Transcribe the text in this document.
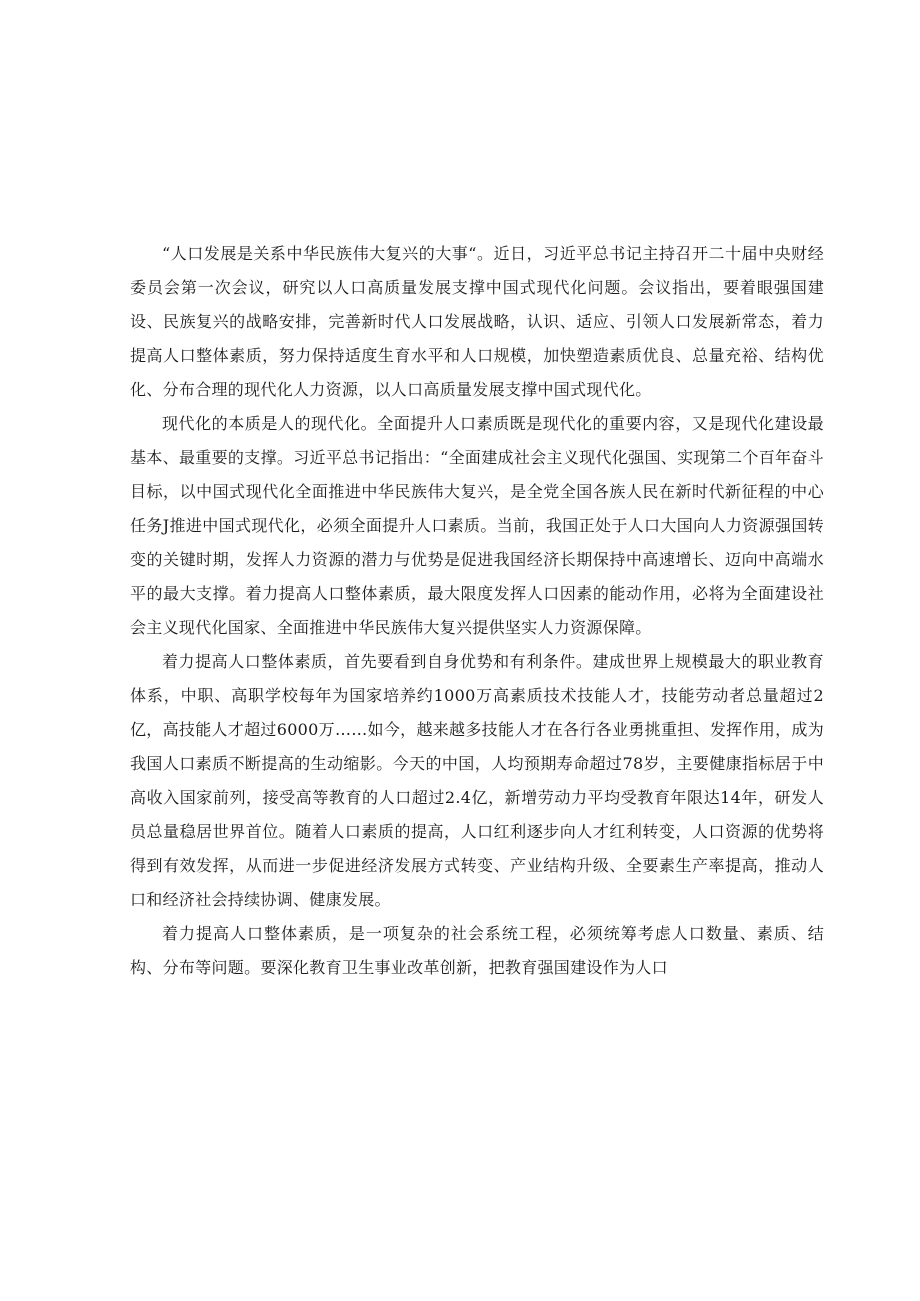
“人口发展是关系中华民族伟大复兴的大事“。近日，习近平总书记主持召开二十届中央财经委员会第一次会议，研究以人口高质量发展支撑中国式现代化问题。会议指出，要着眼强国建设、民族复兴的战略安排，完善新时代人口发展战略，认识、适应、引领人口发展新常态，着力提高人口整体素质，努力保持适度生育水平和人口规模，加快塑造素质优良、总量充裕、结构优化、分布合理的现代化人力资源，以人口高质量发展支撑中国式现代化。

现代化的本质是人的现代化。全面提升人口素质既是现代化的重要内容，又是现代化建设最基本、最重要的支撑。习近平总书记指出：“全面建成社会主义现代化强国、实现第二个百年奋斗目标，以中国式现代化全面推进中华民族伟大复兴，是全党全国各族人民在新时代新征程的中心任务J推进中国式现代化，必须全面提升人口素质。当前，我国正处于人口大国向人力资源强国转变的关键时期，发挥人力资源的潜力与优势是促进我国经济长期保持中高速增长、迈向中高端水平的最大支撑。着力提高人口整体素质，最大限度发挥人口因素的能动作用，必将为全面建设社会主义现代化国家、全面推进中华民族伟大复兴提供坚实人力资源保障。

着力提高人口整体素质，首先要看到自身优势和有利条件。建成世界上规模最大的职业教育体系，中职、高职学校每年为国家培养约1000万高素质技术技能人才，技能劳动者总量超过2亿，高技能人才超过6000万……如今，越来越多技能人才在各行各业勇挑重担、发挥作用，成为我国人口素质不断提高的生动缩影。今天的中国，人均预期寿命超过78岁，主要健康指标居于中高收入国家前列，接受高等教育的人口超过2.4亿，新增劳动力平均受教育年限达14年，研发人员总量稳居世界首位。随着人口素质的提高，人口红利逐步向人才红利转变，人口资源的优势将得到有效发挥，从而进一步促进经济发展方式转变、产业结构升级、全要素生产率提高，推动人口和经济社会持续协调、健康发展。

着力提高人口整体素质，是一项复杂的社会系统工程，必须统筹考虑人口数量、素质、结构、分布等问题。要深化教育卫生事业改革创新，把教育强国建设作为人口
